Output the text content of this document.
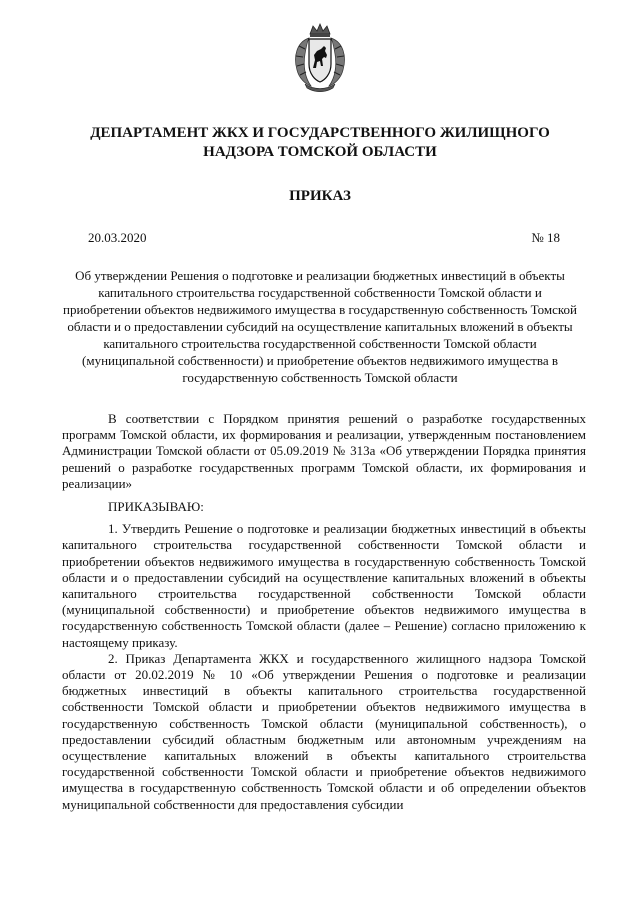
ДЕПАРТАМЕНТ ЖКХ И ГОСУДАРСТВЕННОГО ЖИЛИЩНОГО
НАДЗОРА ТОМСКОЙ ОБЛАСТИ
ПРИКАЗ
20.03.2020	№ 18
Об утверждении Решения о подготовке и реализации бюджетных инвестиций в объекты капитального строительства государственной собственности Томской области и приобретении объектов недвижимого имущества в государственную собственность Томской области и о предоставлении субсидий на осуществление капитальных вложений в объекты капитального строительства государственной собственности Томской области (муниципальной собственности) и приобретение объектов недвижимого имущества в государственную собственность Томской области

В соответствии с Порядком принятия решений о разработке государственных программ Томской области, их формирования и реализации, утвержденным постановлением Администрации Томской области от 05.09.2019 № 313а «Об утверждении Порядка принятия решений о разработке государственных программ Томской области, их формирования и реализации»

ПРИКАЗЫВАЮ:

1. Утвердить Решение о подготовке и реализации бюджетных инвестиций в объекты капитального строительства государственной собственности Томской области и приобретении объектов недвижимого имущества в государственную собственность Томской области и о предоставлении субсидий на осуществление капитальных вложений в объекты капитального строительства государственной собственности Томской области (муниципальной собственности) и приобретение объектов недвижимого имущества в государственную собственность Томской области (далее – Решение) согласно приложению к настоящему приказу.

2. Приказ Департамента ЖКХ и государственного жилищного надзора Томской области от 20.02.2019 № 10 «Об утверждении Решения о подготовке и реализации бюджетных инвестиций в объекты капитального строительства государственной собственности Томской области и приобретении объектов недвижимого имущества в государственную собственность Томской области (муниципальной собственность), о предоставлении субсидий областным бюджетным или автономным учреждениям на осуществление капитальных вложений в объекты капитального строительства государственной собственности Томской области и приобретение объектов недвижимого имущества в государственную собственность Томской области и об определении объектов муниципальной собственности для предоставления субсидии
